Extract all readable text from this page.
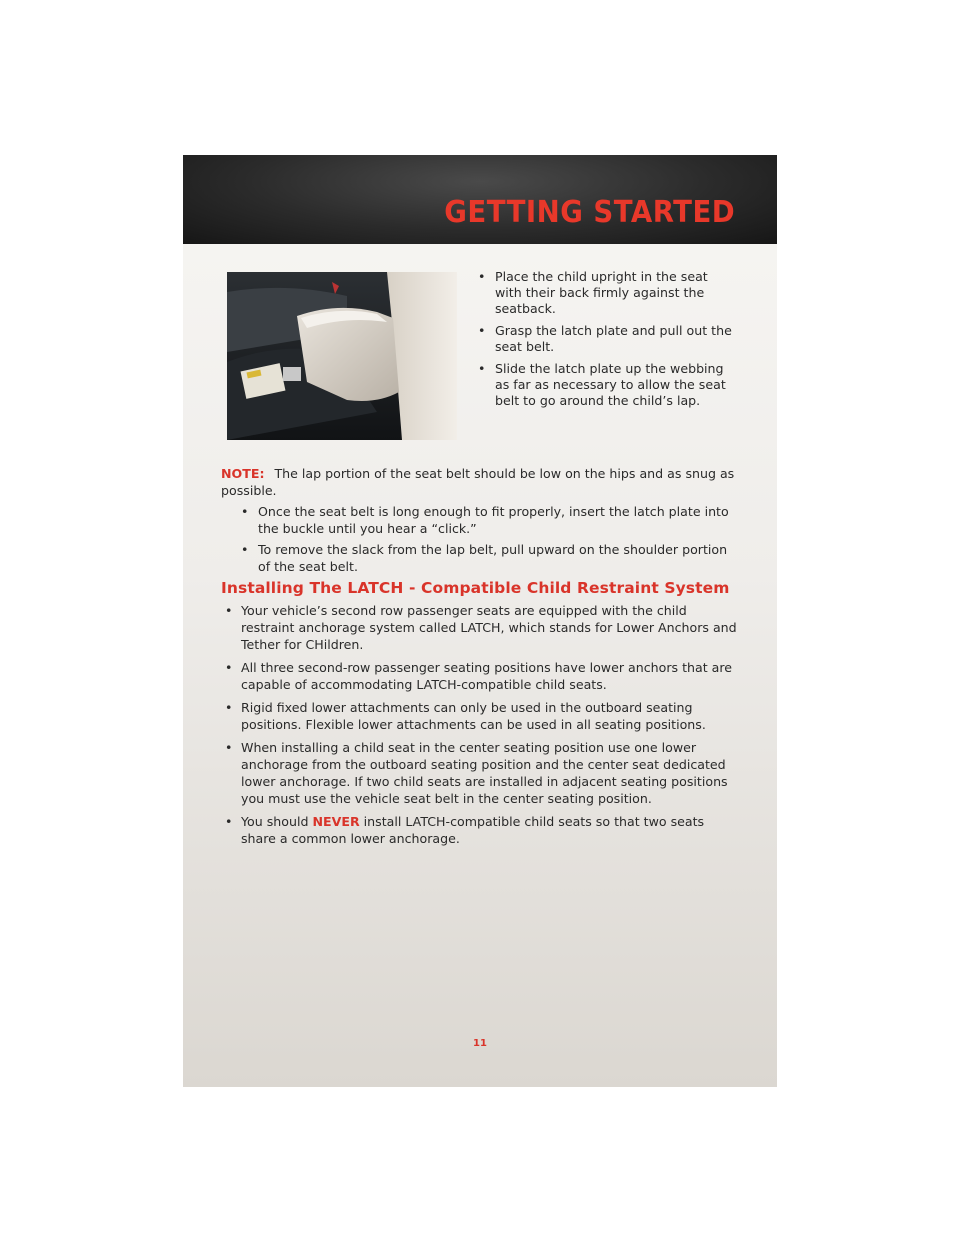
GETTING STARTED
• Place the child upright in the seat with their back firmly against the seatback.
• Grasp the latch plate and pull out the seat belt.
• Slide the latch plate up the webbing as far as necessary to allow the seat belt to go around the child’s lap.
NOTE: The lap portion of the seat belt should be low on the hips and as snug as possible.
• Once the seat belt is long enough to fit properly, insert the latch plate into the buckle until you hear a “click.”
• To remove the slack from the lap belt, pull upward on the shoulder portion of the seat belt.
Installing The LATCH - Compatible Child Restraint System
• Your vehicle’s second row passenger seats are equipped with the child restraint anchorage system called LATCH, which stands for Lower Anchors and Tether for CHildren.
• All three second-row passenger seating positions have lower anchors that are capable of accommodating LATCH-compatible child seats.
• Rigid fixed lower attachments can only be used in the outboard seating positions. Flexible lower attachments can be used in all seating positions.
• When installing a child seat in the center seating position use one lower anchorage from the outboard seating position and the center seat dedicated lower anchorage. If two child seats are installed in adjacent seating positions you must use the vehicle seat belt in the center seating position.
• You should NEVER install LATCH-compatible child seats so that two seats share a common lower anchorage.
11
